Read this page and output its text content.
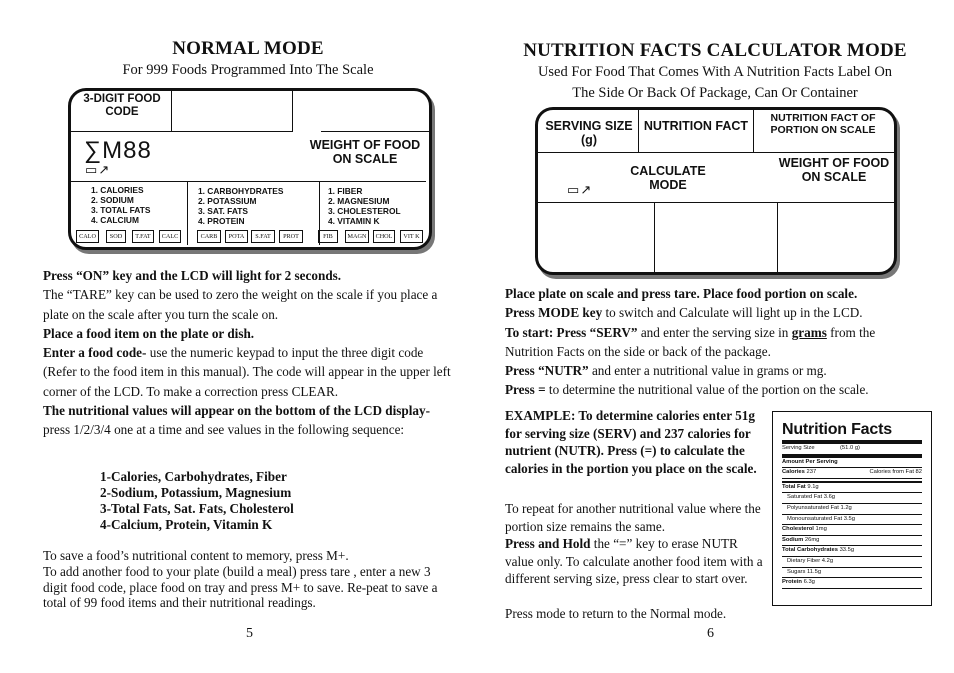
NORMAL MODE
For 999 Foods Programmed Into The Scale
3-DIGIT FOOD CODE
WEIGHT OF FOOD ON SCALE
∑M88
▭ ↗
1. CALORIES
2. SODIUM
3. TOTAL FATS
4. CALCIUM
1. CARBOHYDRATES
2. POTASSIUM
3. SAT. FATS
4. PROTEIN
1. FIBER
2. MAGNESIUM
3. CHOLESTEROL
4. VITAMIN K
CALO	SOD	T.FAT	CALC	CARB	POTA	S.FAT	PROT	FIB	MAGN	CHOL	VIT K
Press “ON” key and the LCD will light for 2 seconds.
The “TARE” key can be used to zero the weight on the scale if you place a plate on the scale after you turn the scale on.
Place a food item on the plate or dish.
Enter a food code- use the numeric keypad to input the three digit code (Refer to the food item in this manual). The code will appear in the upper left corner of the LCD. To make a correction press CLEAR.
The nutritional values will appear on the bottom of the LCD display- press 1/2/3/4 one at a time and see values in the following sequence:
1-Calories, Carbohydrates, Fiber
2-Sodium, Potassium, Magnesium
3-Total Fats, Sat. Fats, Cholesterol
4-Calcium, Protein, Vitamin K
To save a food’s nutritional content to memory, press M+.
To add another food to your plate (build a meal) press tare , enter a new 3 digit food code, place food on tray and press M+ to save. Re-peat to save a total of 99 food items and their nutritional readings.
5
NUTRITION FACTS CALCULATOR MODE
Used For Food That Comes With A Nutrition Facts Label On
The Side Or Back Of Package, Can Or Container
SERVING SIZE (g)
NUTRITION FACT
NUTRITION FACT OF PORTION ON SCALE
CALCULATE MODE
WEIGHT OF FOOD ON SCALE
▭ ↗
Place plate on scale and press tare. Place food portion on scale.
Press MODE key to switch and Calculate will light up in the LCD.
To start: Press “SERV” and enter the serving size in grams from the Nutrition Facts on the side or back of the package.
Press “NUTR” and enter a nutritional value in grams or mg.
Press = to determine the nutritional value of the portion on the scale.
EXAMPLE: To determine calories enter 51g for serving size (SERV) and 237 calories for nutrient (NUTR). Press (=) to calculate the calories in the portion you place on the scale.
To repeat for another nutritional value where the portion size remains the same.
Press and Hold the “=” key to erase NUTR value only. To calculate another food item with a different serving size, press clear to start over.
Press mode to return to the Normal mode.
6
Nutrition Facts
Serving Size	(51.0 g)
Amount Per Serving
Calories 237	Calories from Fat 82
Total Fat 9.1g
Saturated Fat 3.6g
Polyunsaturated Fat 1.2g
Monounsaturated Fat 3.5g
Cholesterol 1mg
Sodium 26mg
Total Carbohydrates 33.5g
Dietary Fiber 4.2g
Sugars 11.5g
Protein 6.3g
